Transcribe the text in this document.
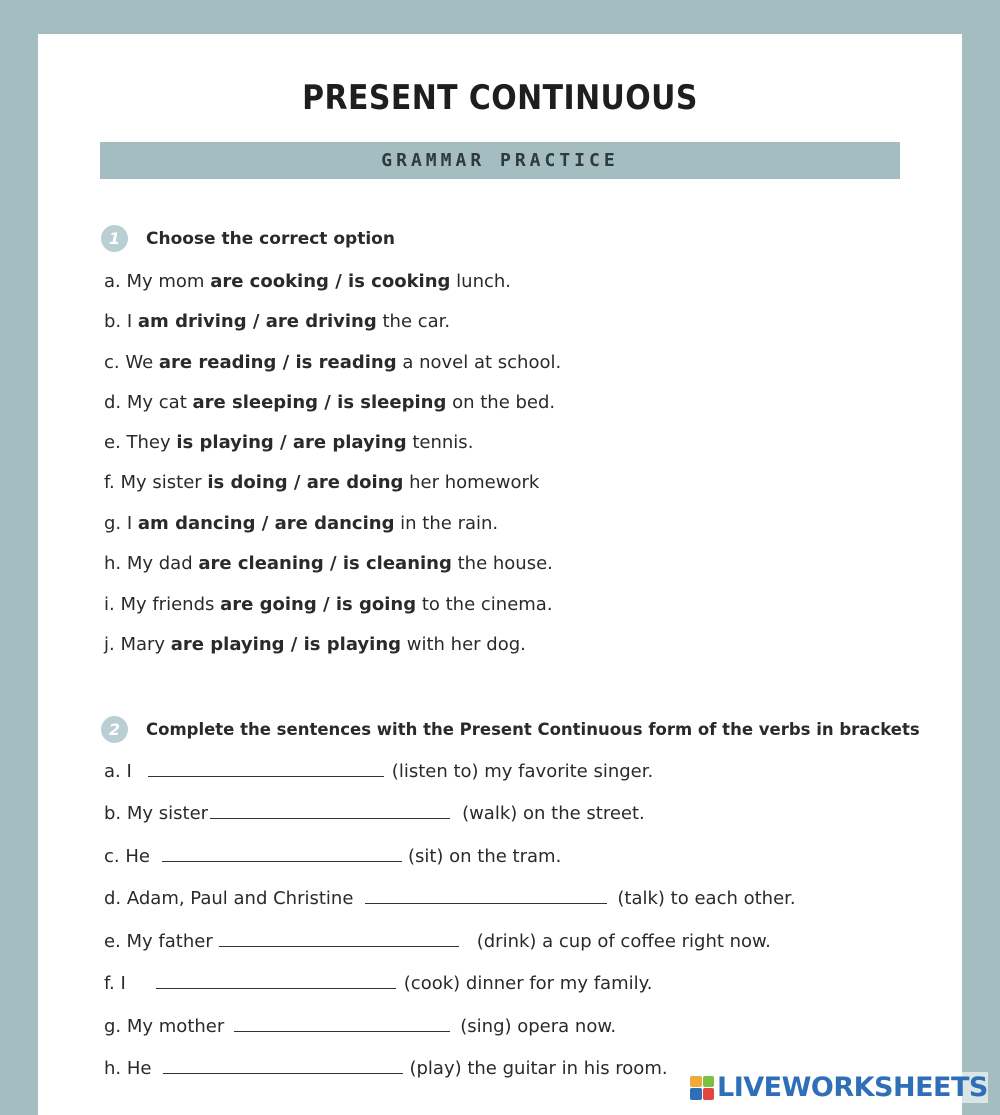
PRESENT CONTINUOUS
GRAMMAR PRACTICE
1	Choose the correct option
a. My mom are cooking / is cooking lunch.
b. I am driving / are driving the car.
c. We are reading / is reading a novel at school.
d. My cat are sleeping / is sleeping on the bed.
e. They is playing / are playing tennis.
f. My sister is doing / are doing her homework
g. I am dancing / are dancing in the rain.
h. My dad are cleaning / is cleaning the house.
i. My friends are going / is going to the cinema.
j. Mary are playing / is playing with her dog.
2	Complete the sentences with the Present Continuous form of the verbs in brackets
a. I	(listen to) my favorite singer.
b. My sister	(walk) on the street.
c. He	(sit) on the tram.
d. Adam, Paul and Christine	(talk) to each other.
e. My father	(drink) a cup of coffee right now.
f. I	(cook) dinner for my family.
g. My mother	(sing) opera now.
h. He	(play) the guitar in his room.
LIVEWORKSHEETS
